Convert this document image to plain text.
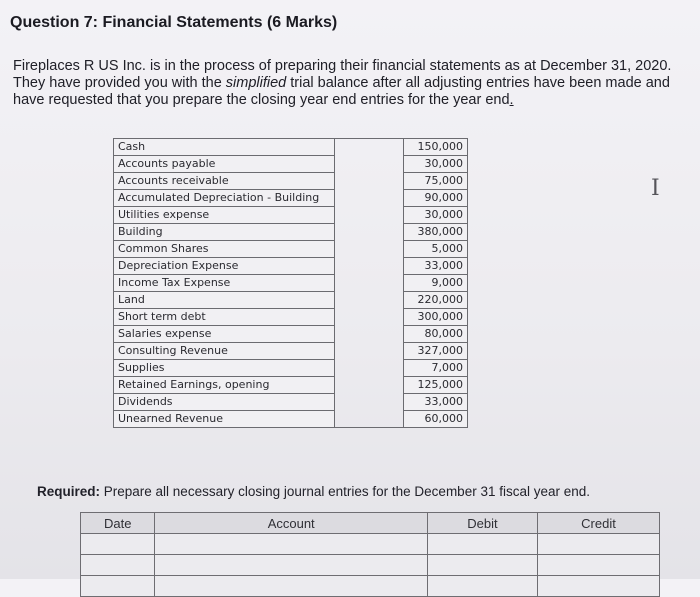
Question 7: Financial Statements (6 Marks)
Fireplaces R US Inc. is in the process of preparing their financial statements as at December 31, 2020. They have provided you with the simplified trial balance after all adjusting entries have been made and have requested that you prepare the closing year end entries for the year end.
Cash		150,000
Accounts payable		30,000
Accounts receivable		75,000
Accumulated Depreciation - Building		90,000
Utilities expense		30,000
Building		380,000
Common Shares		5,000
Depreciation Expense		33,000
Income Tax Expense		9,000
Land		220,000
Short term debt		300,000
Salaries expense		80,000
Consulting Revenue		327,000
Supplies		7,000
Retained Earnings, opening		125,000
Dividends		33,000
Unearned Revenue		60,000
I
Required: Prepare all necessary closing journal entries for the December 31 fiscal year end.
Date	Account	Debit	Credit
